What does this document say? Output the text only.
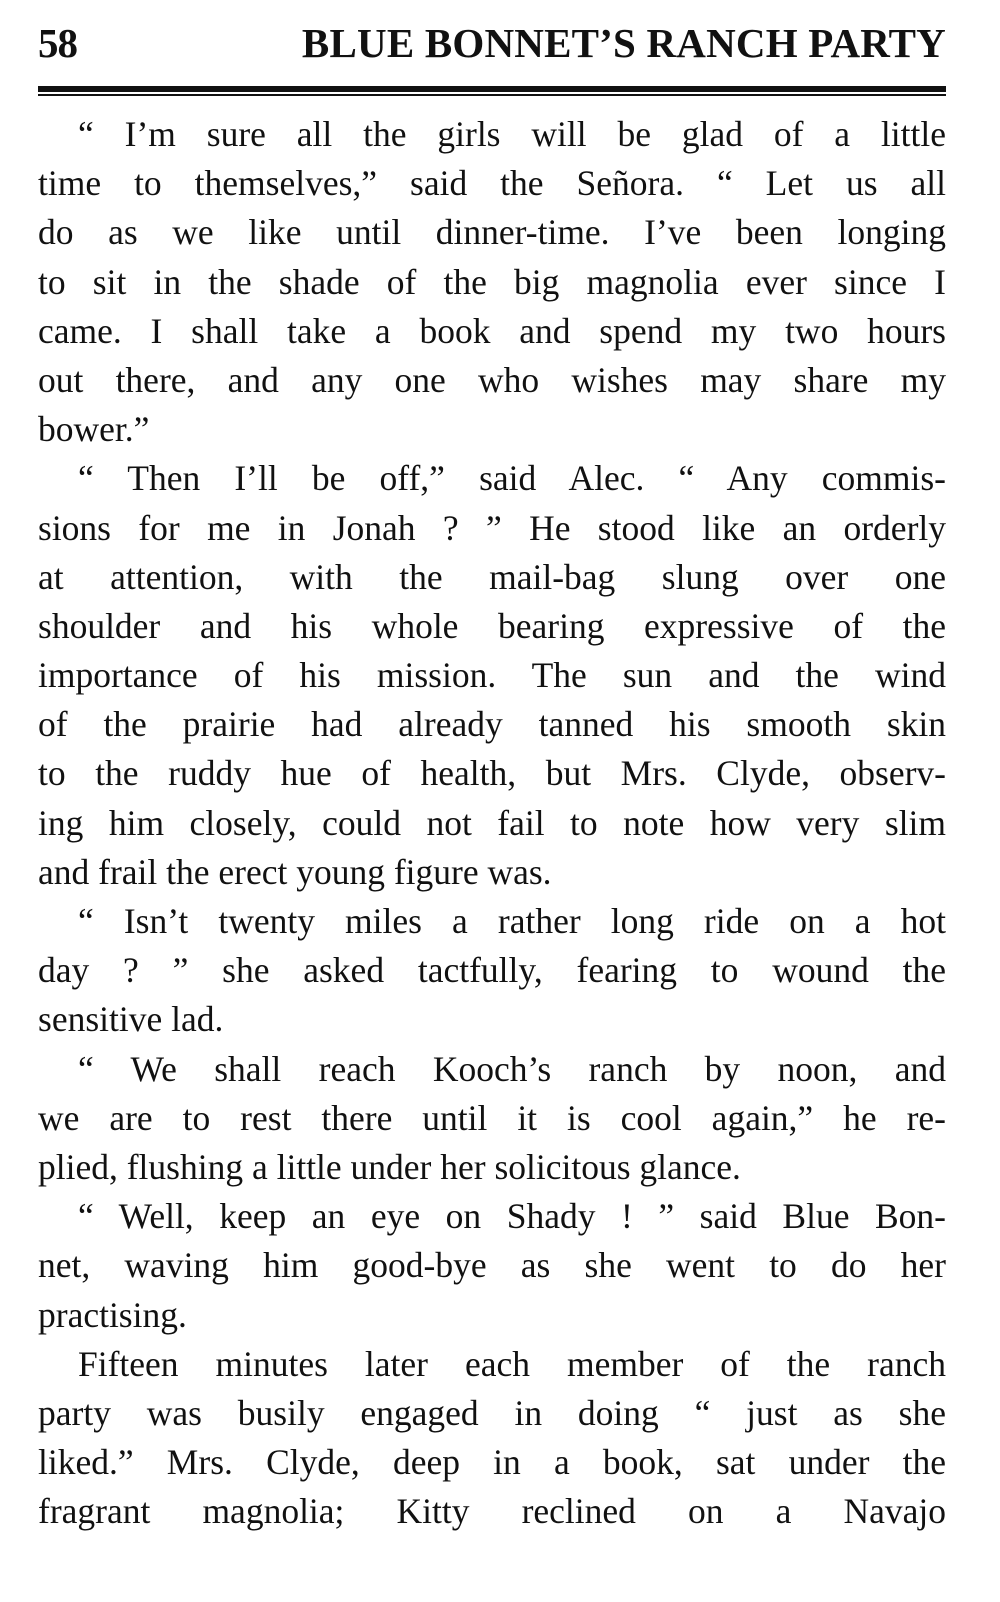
58	BLUE BONNET’S RANCH PARTY

“ I’m sure all the girls will be glad of a little
time to themselves,” said the Señora. “ Let us all
do as we like until dinner-time. I’ve been longing
to sit in the shade of the big magnolia ever since I
came. I shall take a book and spend my two hours
out there, and any one who wishes may share my
bower.”

“ Then I’ll be off,” said Alec. “ Any commis-
sions for me in Jonah ? ” He stood like an orderly
at attention, with the mail-bag slung over one
shoulder and his whole bearing expressive of the
importance of his mission. The sun and the wind
of the prairie had already tanned his smooth skin
to the ruddy hue of health, but Mrs. Clyde, observ-
ing him closely, could not fail to note how very slim
and frail the erect young figure was.

“ Isn’t twenty miles a rather long ride on a hot
day ? ” she asked tactfully, fearing to wound the
sensitive lad.

“ We shall reach Kooch’s ranch by noon, and
we are to rest there until it is cool again,” he re-
plied, flushing a little under her solicitous glance.

“ Well, keep an eye on Shady ! ” said Blue Bon-
net, waving him good-bye as she went to do her
practising.

Fifteen minutes later each member of the ranch
party was busily engaged in doing “ just as she
liked.” Mrs. Clyde, deep in a book, sat under the
fragrant magnolia; Kitty reclined on a Navajo
